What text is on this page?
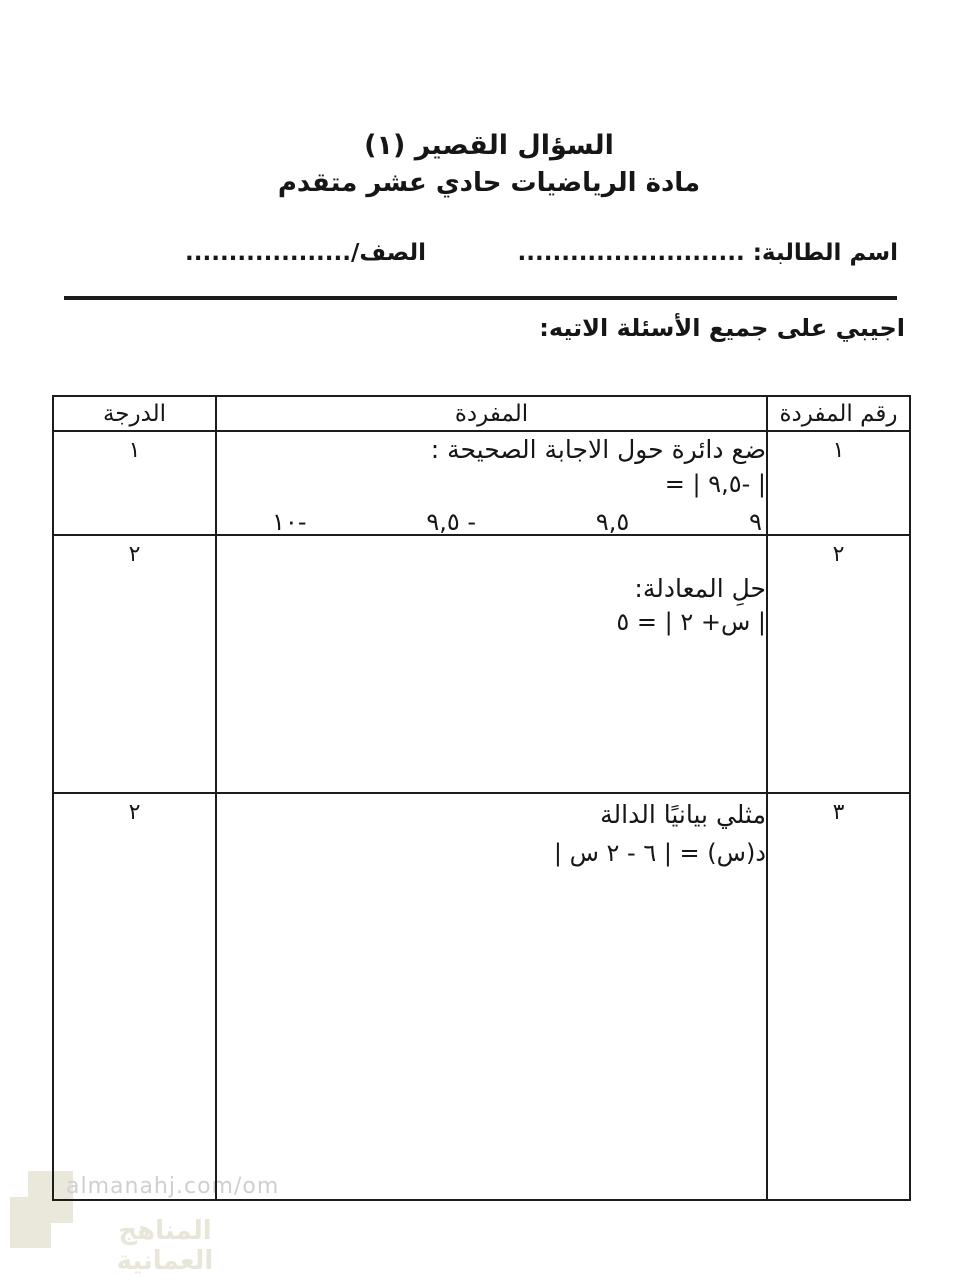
almanahj.com/om
المناهج العمانية
السؤال القصير (١)
مادة الرياضيات حادي عشر متقدم
اسم الطالبة: ..........................
الصف/...................
اجيبي على جميع الأسئلة الاتيه:
رقم المفردة
المفردة
الدرجة
١
ضع دائرة حول الاجابة الصحيحة :
| -٩,٥ | =
٩
٩,٥
- ٩,٥
-١٠
١
٢
حلِ المعادلة:
| س+ ٢ | = ٥
٢
٣
مثلي بيانيًا الدالة
د(س) = | ٦ - ٢ س |
٢
